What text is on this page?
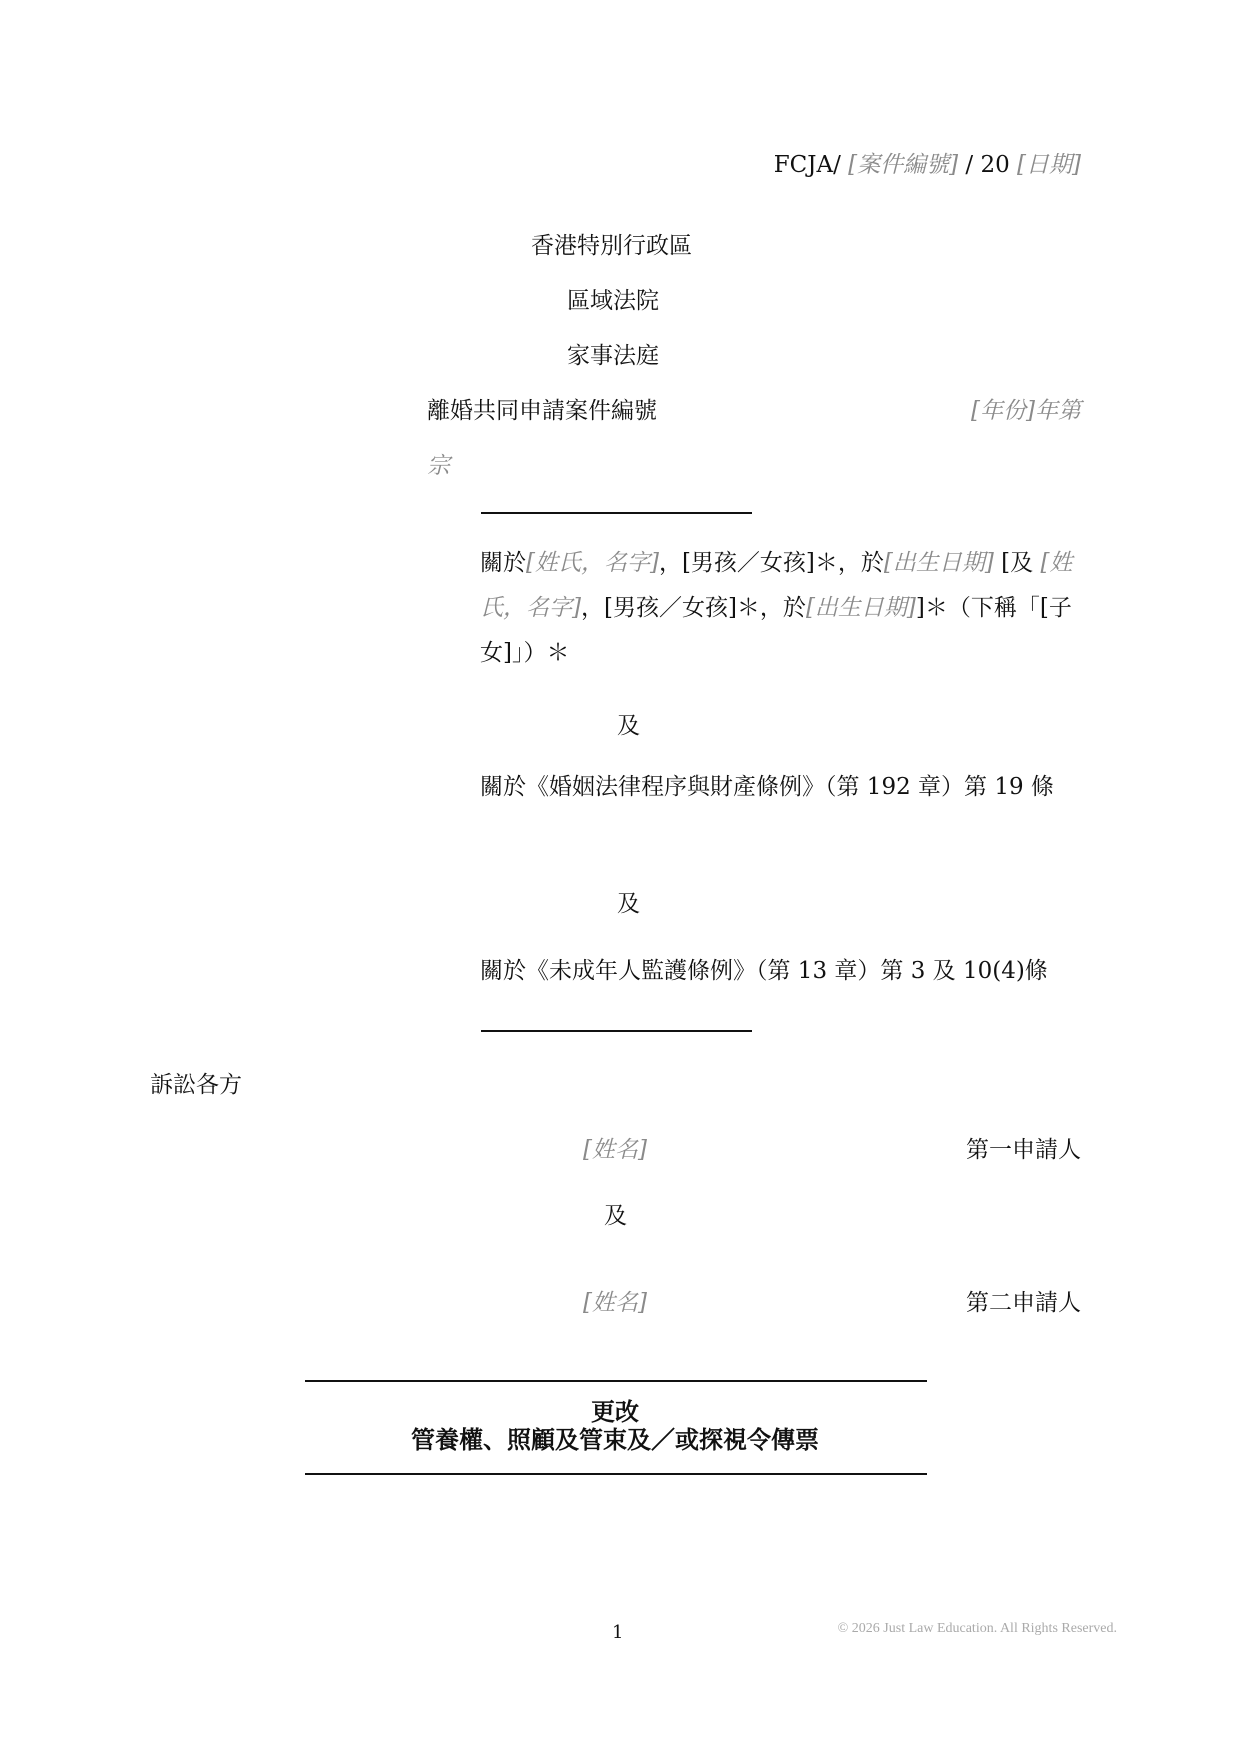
FCJA/ [案件編號] / 20 [日期]
香港特別行政區
區域法院
家事法庭
離婚共同申請案件編號	[年份]年第
宗
關於[姓氏，名字]，[男孩／女孩]＊，於[出生日期] [及 [姓氏，名字]，[男孩／女孩]＊，於[出生日期]]＊（下稱「[子女]」）＊
及
關於《婚姻法律程序與財產條例》（第 192 章）第 19 條
及
關於《未成年人監護條例》（第 13 章）第 3 及 10(4)條
訴訟各方
[姓名]	第一申請人
及
[姓名]	第二申請人
更改
管養權、照顧及管束及／或探視令傳票
1	© 2026 Just Law Education. All Rights Reserved.
